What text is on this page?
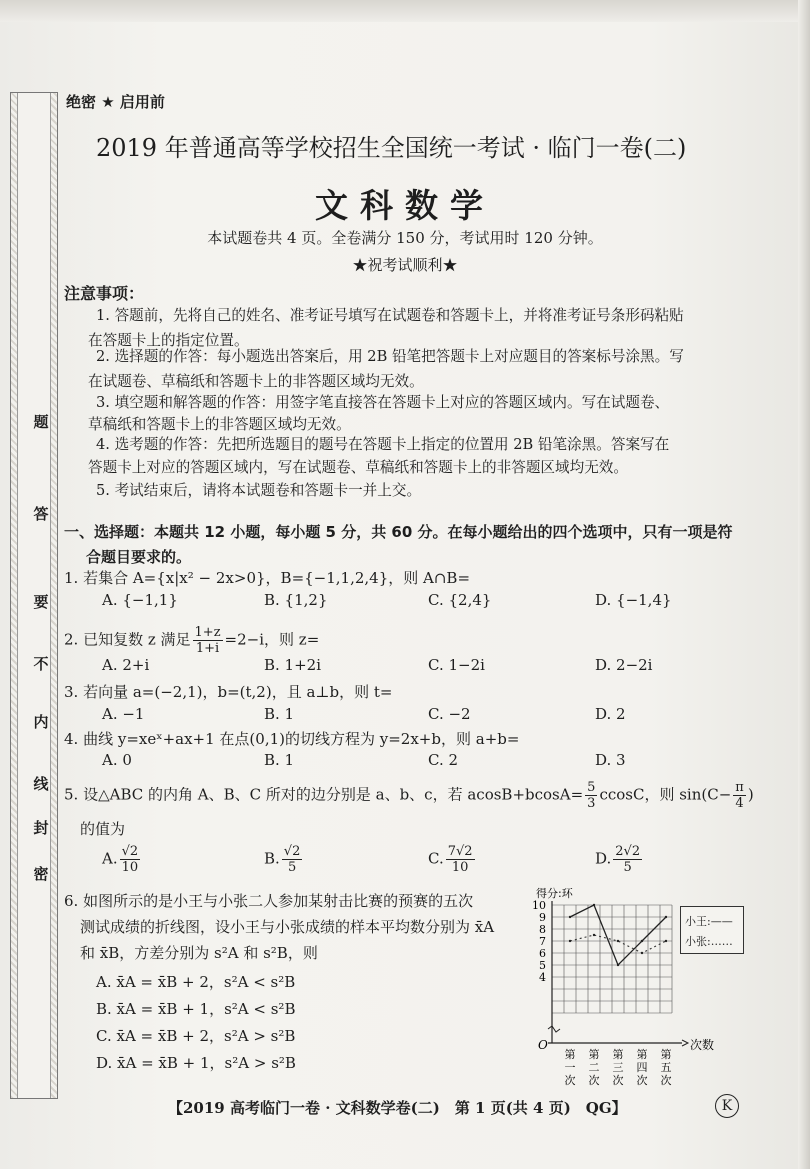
题
答
要
不
内
线
封
密
绝密 ★ 启用前
2019 年普通高等学校招生全国统一考试 · 临门一卷(二)
文科数学
本试题卷共 4 页。全卷满分 150 分，考试用时 120 分钟。
★祝考试顺利★
注意事项：
1. 答题前，先将自己的姓名、准考证号填写在试题卷和答题卡上，并将准考证号条形码粘贴
在答题卡上的指定位置。
2. 选择题的作答：每小题选出答案后，用 2B 铅笔把答题卡上对应题目的答案标号涂黑。写
在试题卷、草稿纸和答题卡上的非答题区域均无效。
3. 填空题和解答题的作答：用签字笔直接答在答题卡上对应的答题区域内。写在试题卷、
草稿纸和答题卡上的非答题区域均无效。
4. 选考题的作答：先把所选题目的题号在答题卡上指定的位置用 2B 铅笔涂黑。答案写在
答题卡上对应的答题区域内，写在试题卷、草稿纸和答题卡上的非答题区域均无效。
5. 考试结束后，请将本试题卷和答题卡一并上交。
一、选择题：本题共 12 小题，每小题 5 分，共 60 分。在每小题给出的四个选项中，只有一项是符
合题目要求的。
1. 若集合 A={x|x² − 2x>0}，B={−1,1,2,4}，则 A∩B=
A. {−1,1}	B. {1,2}	C. {2,4}	D. {−1,4}
2. 已知复数 z 满足 $\frac{1+z}{1+i} =2-i$，则 z=
A. 2+i	B. 1+2i	C. 1−2i	D. 2−2i
3. 若向量 a=(−2,1)，b=(t,2)，且 a⊥b，则 t=
A. −1	B. 1	C. −2	D. 2
4. 曲线 y=xeˣ+ax+1 在点(0,1)的切线方程为 y=2x+b，则 a+b=
A. 0	B. 1	C. 2	D. 3
5. 设△ABC 的内角 A、B、C 所对的边分别是 a、b、c，若 $acosB+bcosA= \frac{5}{3}$ ccosC，则 $\sin(C- \frac{\pi}{4}$ )
的值为
A. $\frac{√2}{10}$	B. $\frac{√2}{5}$	C. $\frac{7√2}{10}$	D. $\frac{2√2}{5}$
6. 如图所示的是小王与小张二人参加某射击比赛的预赛的五次
测试成绩的折线图，设小王与小张成绩的样本平均数分别为 x̄A
和 x̄B，方差分别为 s²A 和 s²B，则
A. x̄A = x̄B + 2，s²A < s²B
B. x̄A = x̄B + 1，s²A < s²B
C. x̄A = x̄B + 2，s²A > s²B
D. x̄A = x̄B + 1，s²A > s²B
10
9
8
7
6
5
4
得分:环
O	次数
第
一
次
第
二
次
第
三
次
第
四
次
第
五
次
小王:——
小张:……
【2019 高考临门一卷 · 文科数学卷(二)　第 1 页(共 4 页)　QG】	K
